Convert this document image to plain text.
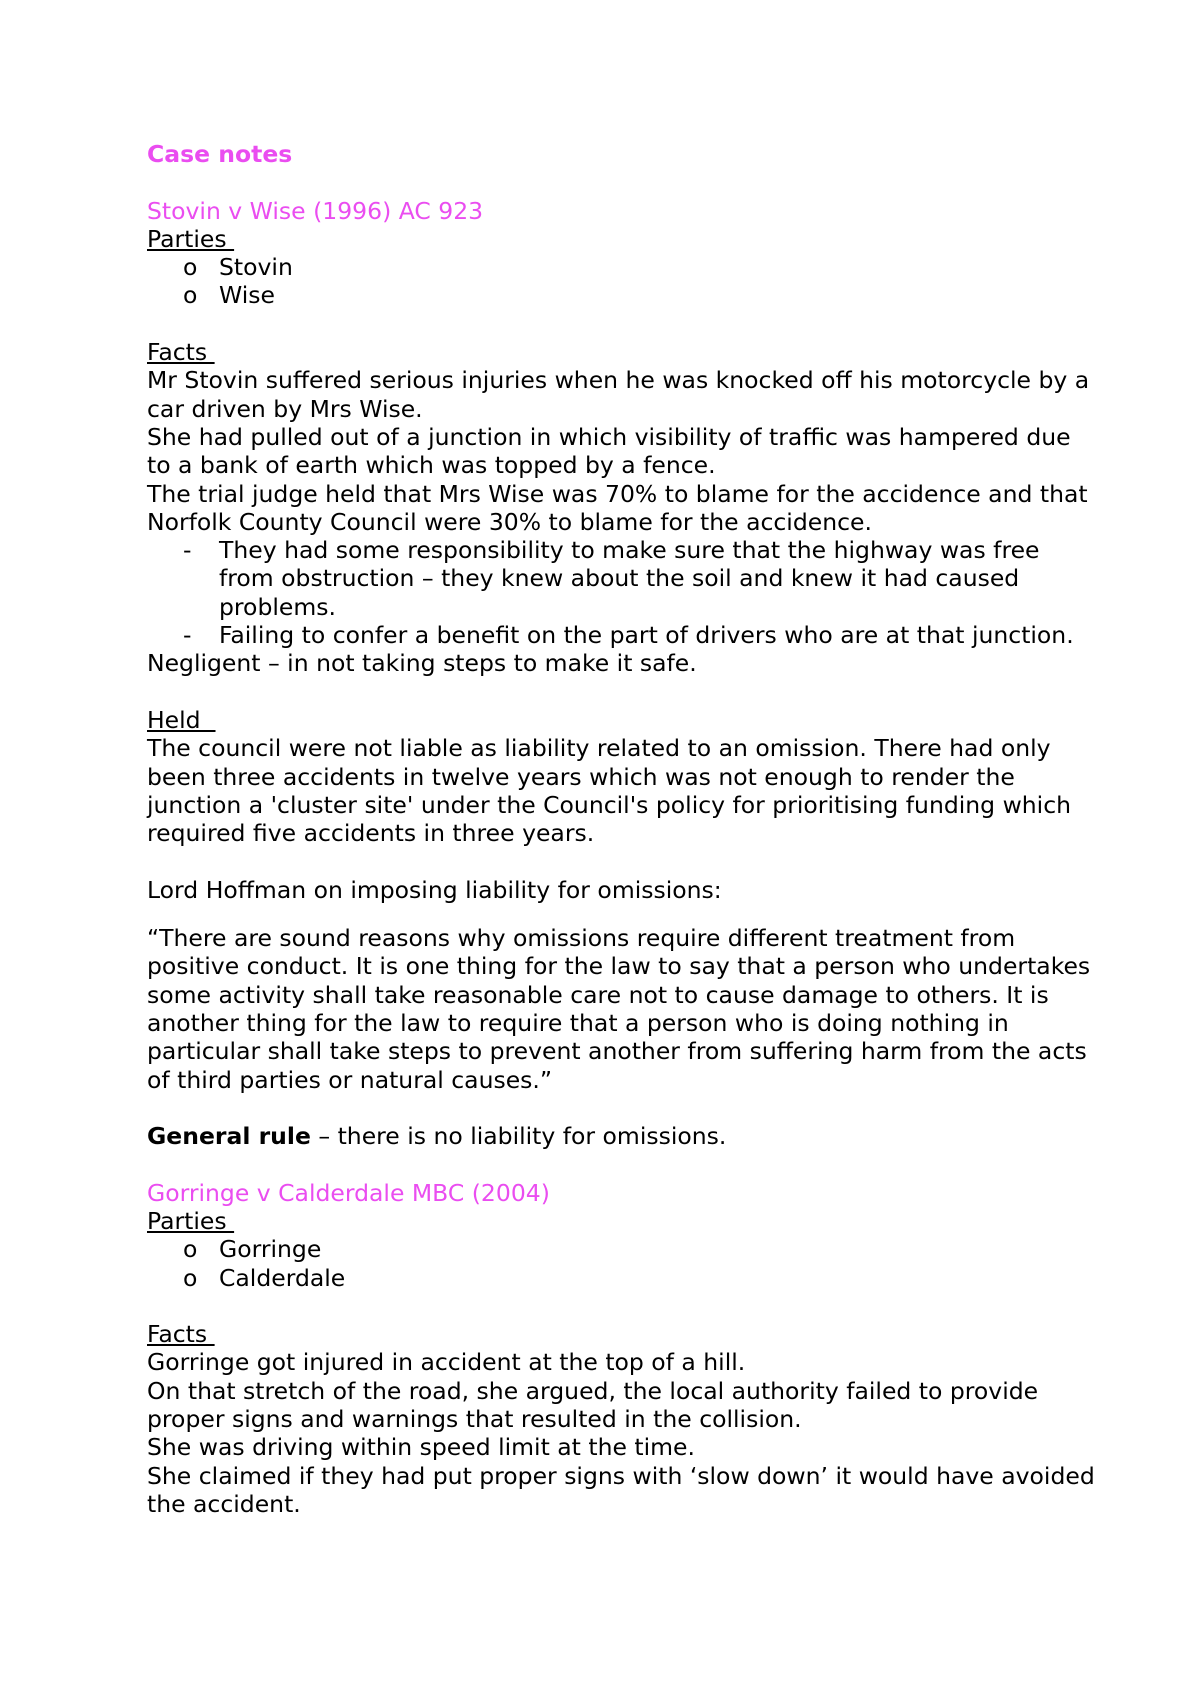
Case notes

Stovin v Wise (1996) AC 923

Parties

o Stovin
o Wise

Facts

Mr Stovin suffered serious injuries when he was knocked off his motorcycle by a car driven by Mrs Wise.

She had pulled out of a junction in which visibility of traffic was hampered due to a bank of earth which was topped by a fence.

The trial judge held that Mrs Wise was 70% to blame for the accidence and that Norfolk County Council were 30% to blame for the accidence.

- They had some responsibility to make sure that the highway was free from obstruction – they knew about the soil and knew it had caused problems.
- Failing to confer a benefit on the part of drivers who are at that junction.

Negligent – in not taking steps to make it safe.

Held

The council were not liable as liability related to an omission. There had only been three accidents in twelve years which was not enough to render the junction a 'cluster site' under the Council's policy for prioritising funding which required five accidents in three years.

Lord Hoffman on imposing liability for omissions:

“There are sound reasons why omissions require different treatment from positive conduct. It is one thing for the law to say that a person who undertakes some activity shall take reasonable care not to cause damage to others. It is another thing for the law to require that a person who is doing nothing in particular shall take steps to prevent another from suffering harm from the acts of third parties or natural causes.”

General rule – there is no liability for omissions.

Gorringe v Calderdale MBC (2004)

Parties

o Gorringe
o Calderdale

Facts

Gorringe got injured in accident at the top of a hill.

On that stretch of the road, she argued, the local authority failed to provide proper signs and warnings that resulted in the collision.

She was driving within speed limit at the time.

She claimed if they had put proper signs with ‘slow down’ it would have avoided the accident.
